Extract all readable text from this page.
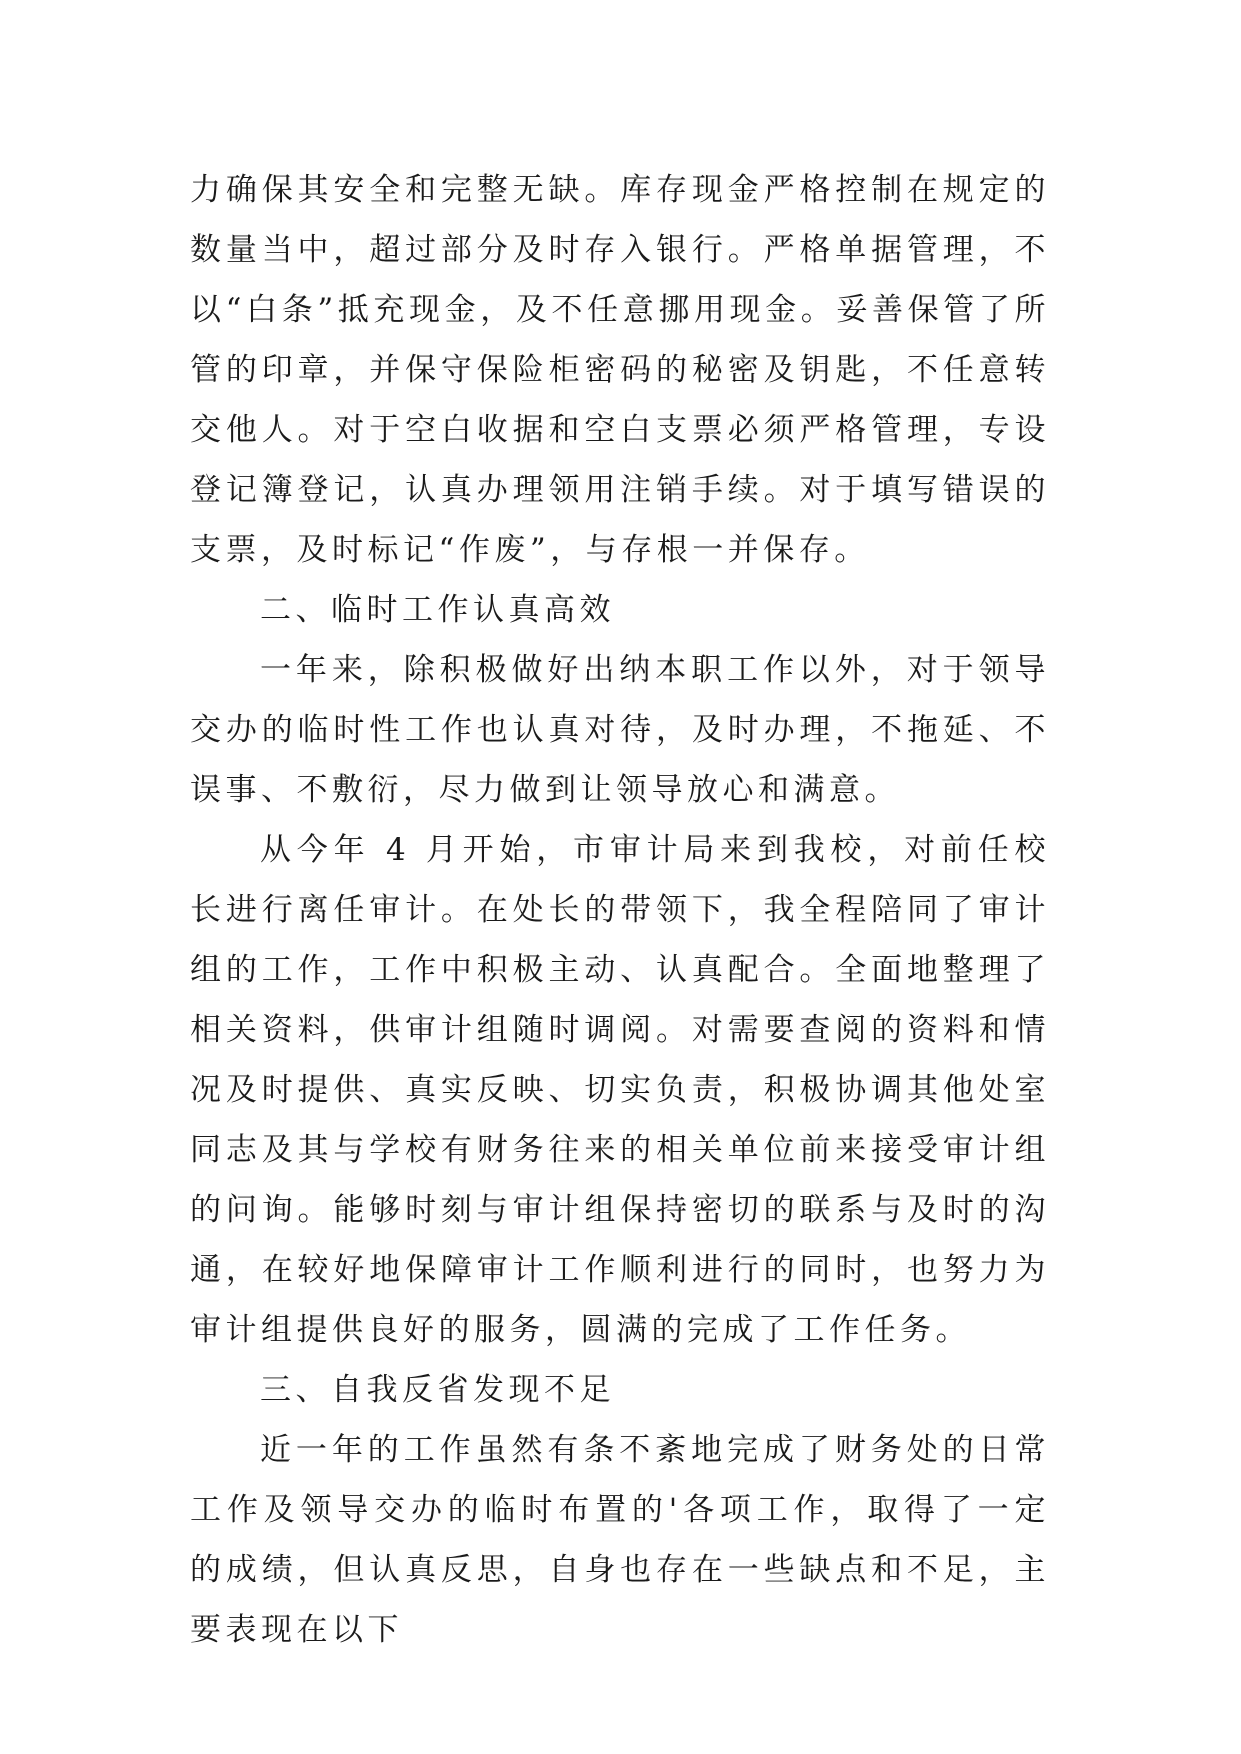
力确保其安全和完整无缺。库存现金严格控制在规定的数量当中，超过部分及时存入银行。严格单据管理，不以“白条”抵充现金，及不任意挪用现金。妥善保管了所管的印章，并保守保险柜密码的秘密及钥匙，不任意转交他人。对于空白收据和空白支票必须严格管理，专设登记簿登记，认真办理领用注销手续。对于填写错误的支票，及时标记“作废”，与存根一并保存。

二、临时工作认真高效

一年来，除积极做好出纳本职工作以外，对于领导交办的临时性工作也认真对待，及时办理，不拖延、不误事、不敷衍，尽力做到让领导放心和满意。

从今年 4 月开始，市审计局来到我校，对前任校长进行离任审计。在处长的带领下，我全程陪同了审计组的工作，工作中积极主动、认真配合。全面地整理了相关资料，供审计组随时调阅。对需要查阅的资料和情况及时提供、真实反映、切实负责，积极协调其他处室同志及其与学校有财务往来的相关单位前来接受审计组的问询。能够时刻与审计组保持密切的联系与及时的沟通，在较好地保障审计工作顺利进行的同时，也努力为审计组提供良好的服务，圆满的完成了工作任务。

三、自我反省发现不足

近一年的工作虽然有条不紊地完成了财务处的日常工作及领导交办的临时布置的'各项工作，取得了一定的成绩，但认真反思，自身也存在一些缺点和不足，主要表现在以下
